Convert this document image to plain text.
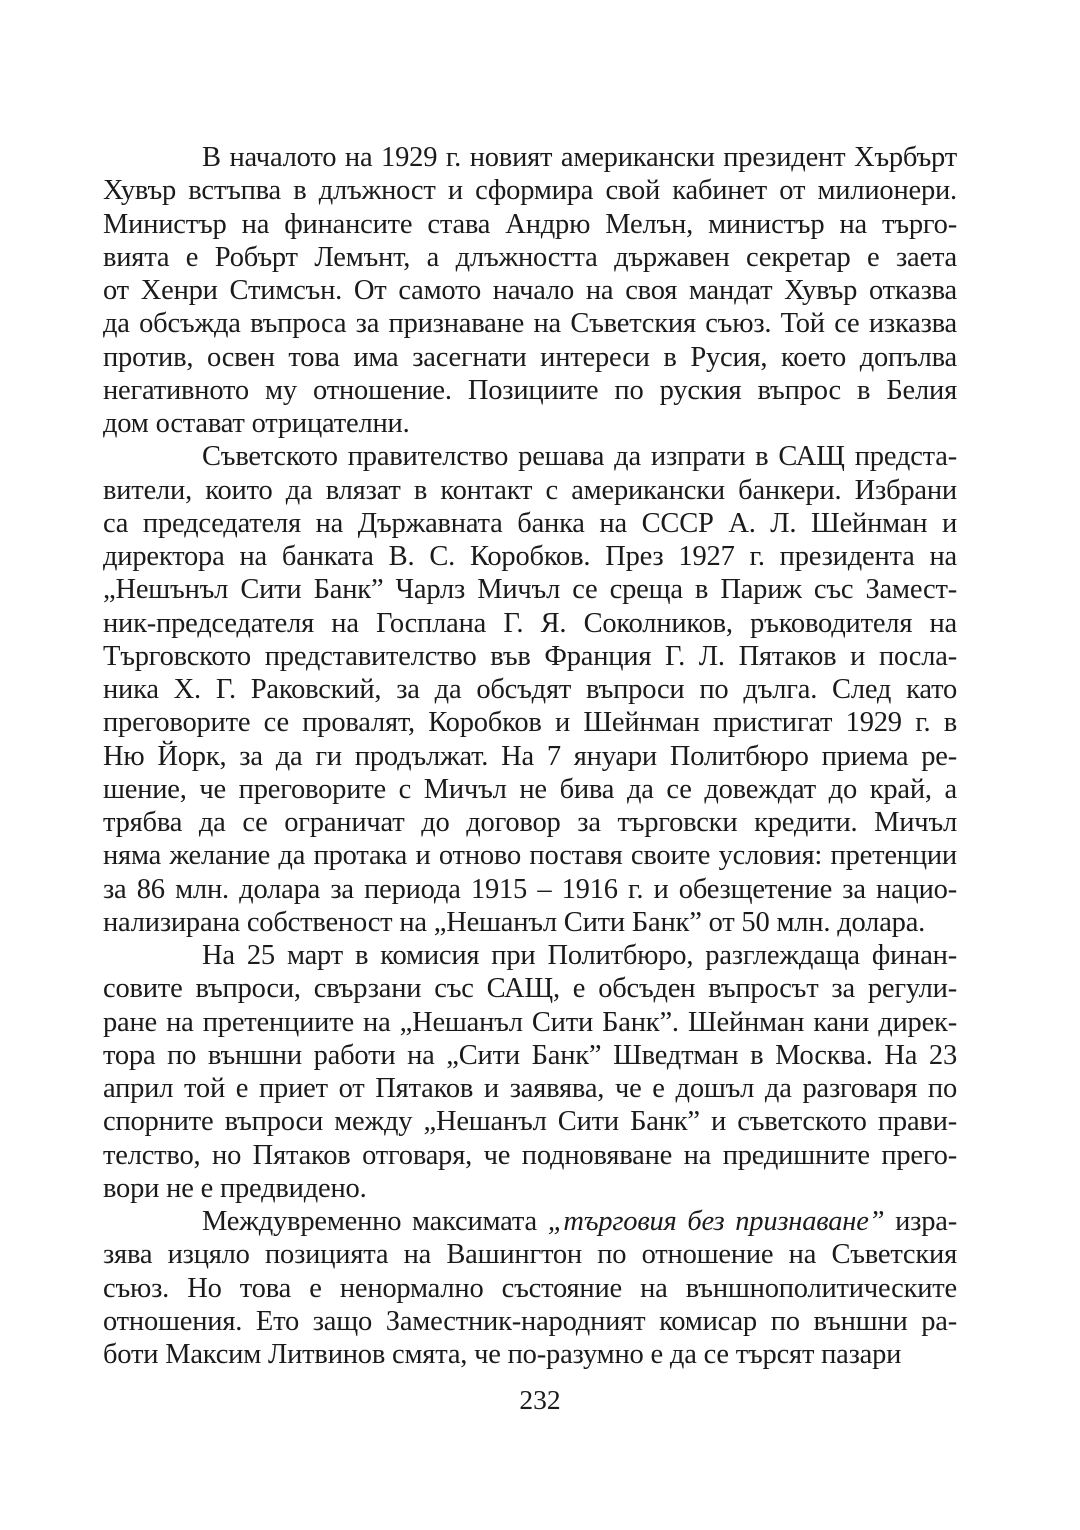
В началото на 1929 г. новият американски президент Хърбърт
Хувър встъпва в длъжност и сформира свой кабинет от милионери.
Министър на финансите става Андрю Мелън, министър на търго-
вията е Робърт Лемънт, а длъжността държавен секретар е заета
от Хенри Стимсън. От самото начало на своя мандат Хувър отказва
да обсъжда въпроса за признаване на Съветския съюз. Той се изказва
против, освен това има засегнати интереси в Русия, което допълва
негативното му отношение. Позициите по руския въпрос в Белия
дом остават отрицателни.

Съветското правителство решава да изпрати в САЩ предста-
вители, които да влязат в контакт с американски банкери. Избрани
са председателя на Държавната банка на СССР А. Л. Шейнман и
директора на банката В. С. Коробков. През 1927 г. президента на
„Нешънъл Сити Банк” Чарлз Мичъл се среща в Париж със Замест-
ник-председателя на Госплана Г. Я. Соколников, ръководителя на
Търговското представителство във Франция Г. Л. Пятаков и посла-
ника Х. Г. Раковский, за да обсъдят въпроси по дълга. След като
преговорите се провалят, Коробков и Шейнман пристигат 1929 г. в
Ню Йорк, за да ги продължат. На 7 януари Политбюро приема ре-
шение, че преговорите с Мичъл не бива да се довеждат до край, а
трябва да се ограничат до договор за търговски кредити. Мичъл
няма желание да протака и отново поставя своите условия: претенции
за 86 млн. долара за периода 1915 – 1916 г. и обезщетение за нацио-
нализирана собственост на „Нешанъл Сити Банк” от 50 млн. долара.

На 25 март в комисия при Политбюро, разглеждаща финан-
совите въпроси, свързани със САЩ, е обсъден въпросът за регули-
ране на претенциите на „Нешанъл Сити Банк”. Шейнман кани дирек-
тора по външни работи на „Сити Банк” Шведтман в Москва. На 23
април той е приет от Пятаков и заявява, че е дошъл да разговаря по
спорните въпроси между „Нешанъл Сити Банк” и съветското прави-
телство, но Пятаков отговаря, че подновяване на предишните прего-
вори не е предвидено.

Междувременно максимата „търговия без признаване” изра-
зява изцяло позицията на Вашингтон по отношение на Съветския
съюз. Но това е ненормално състояние на външнополитическите
отношения. Ето защо Заместник-народният комисар по външни ра-
боти Максим Литвинов смята, че по-разумно е да се търсят пазари

232
